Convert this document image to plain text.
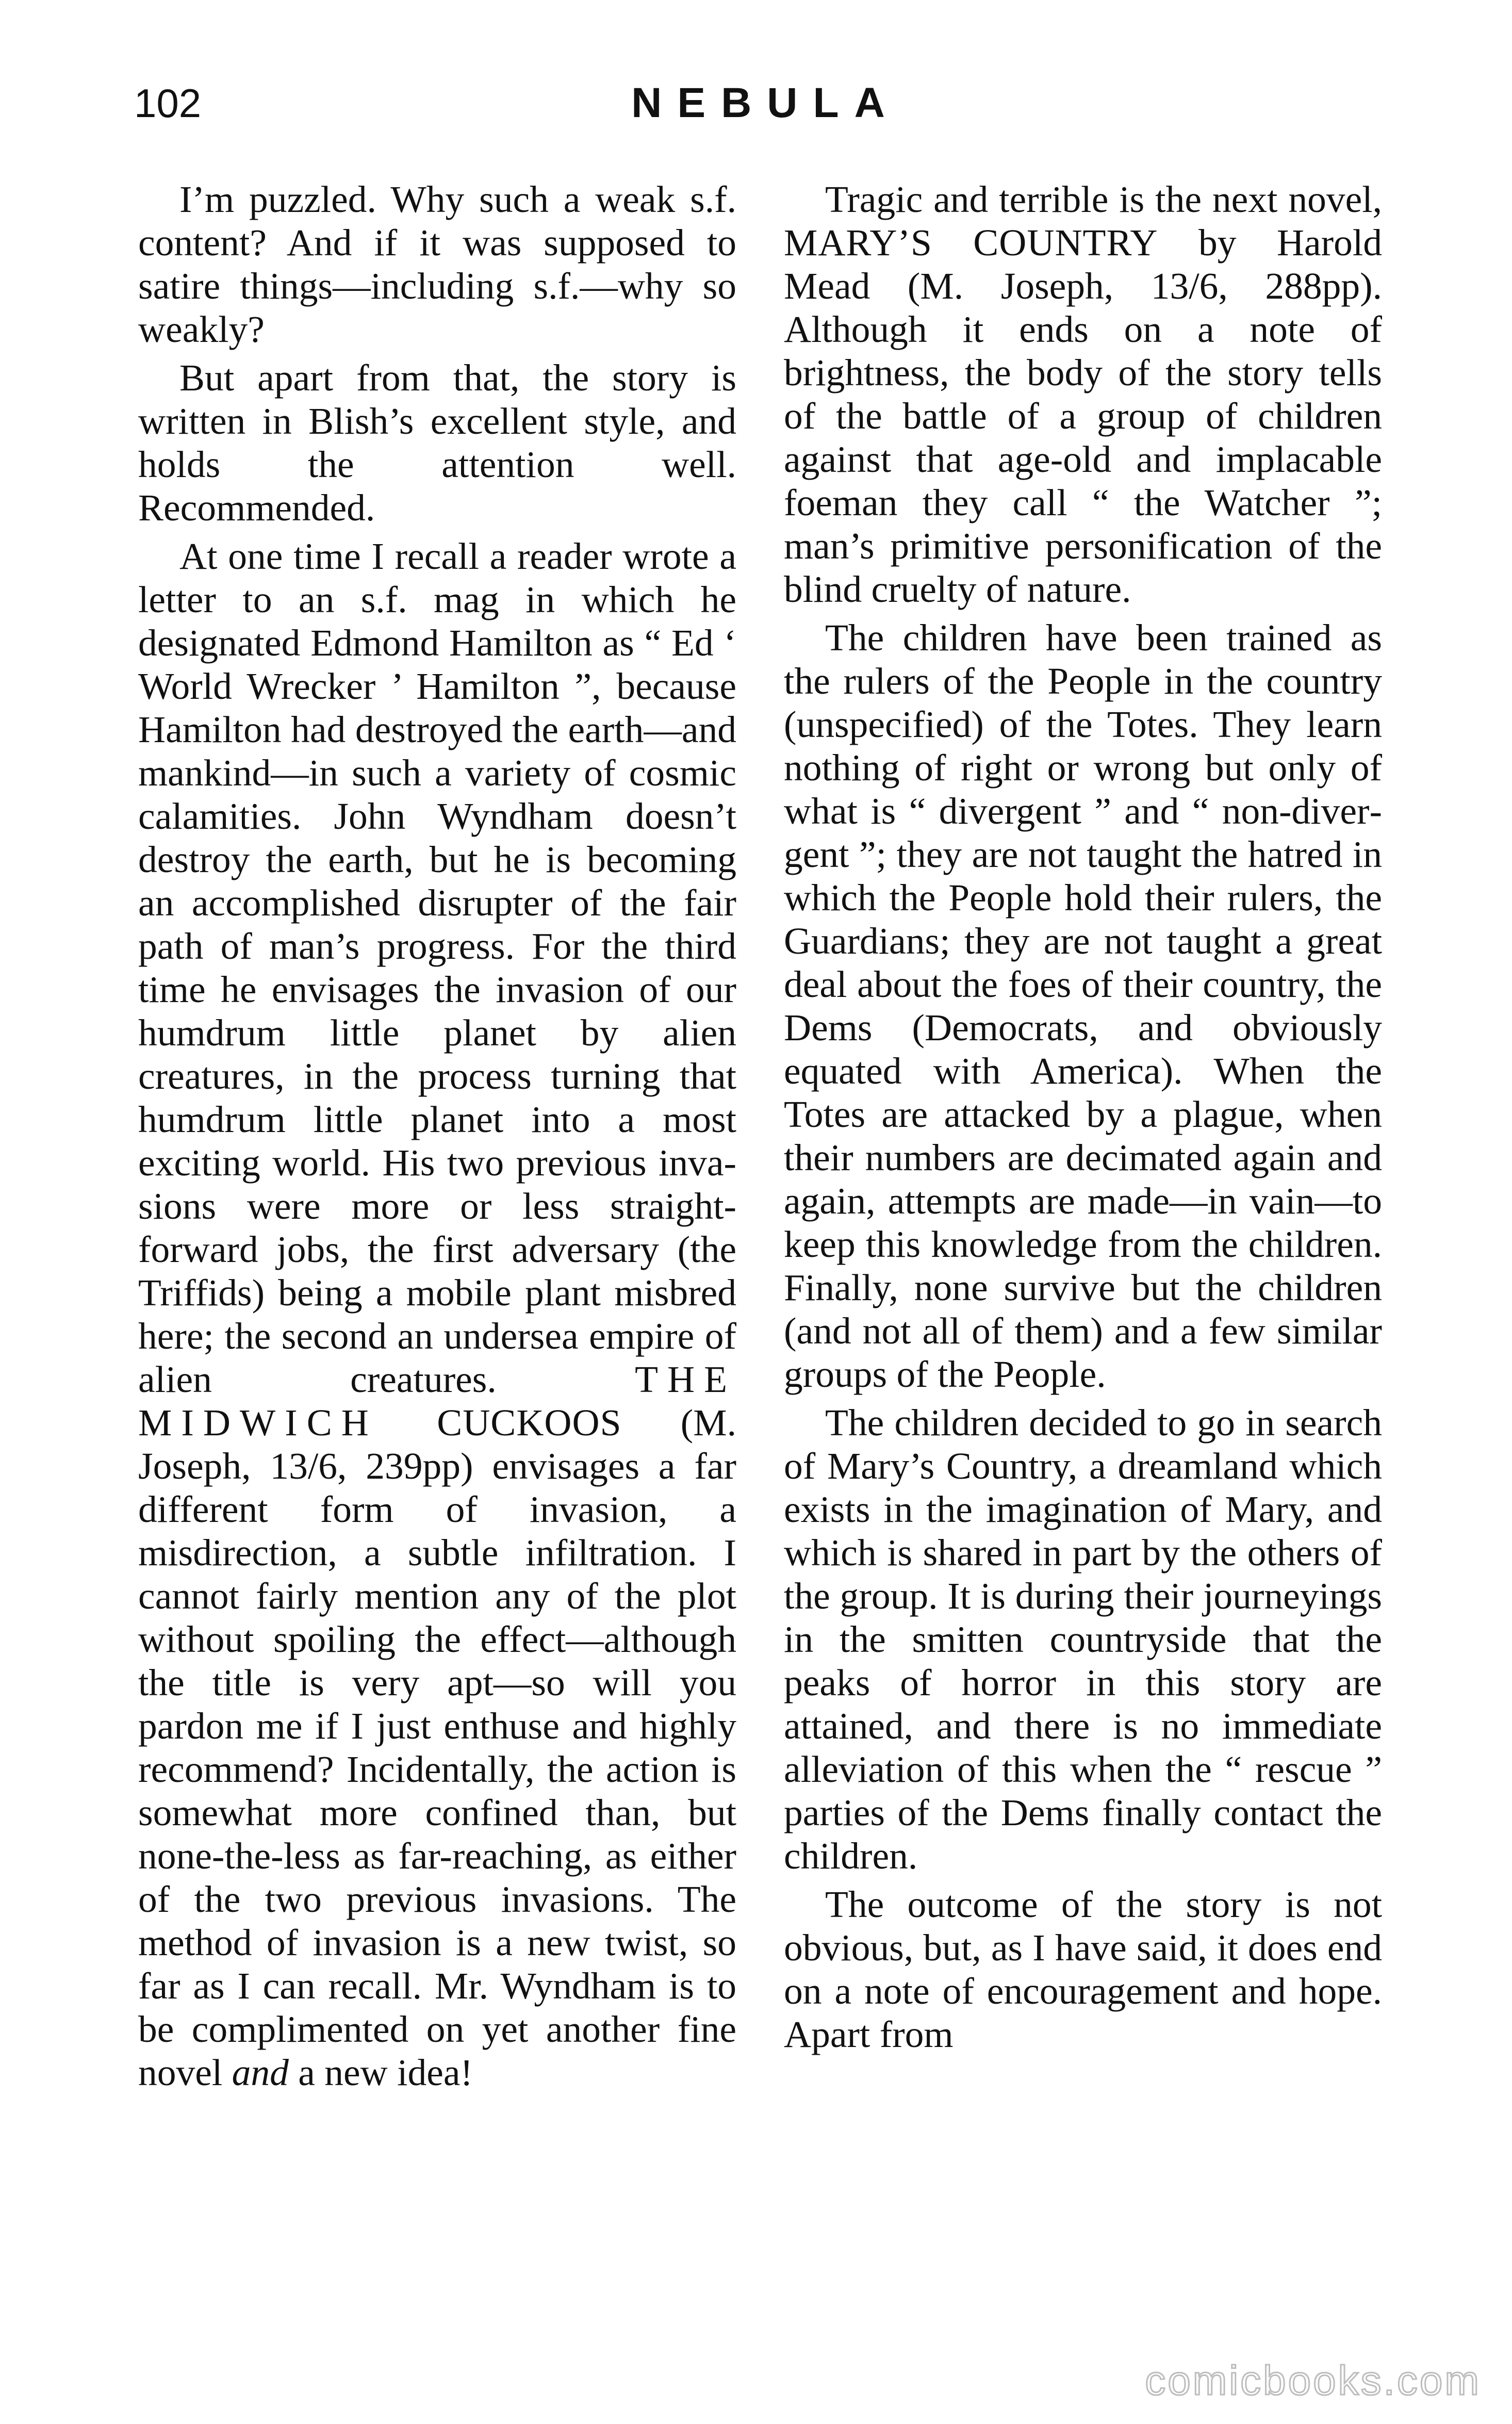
102	NEBULA

I’m puzzled. Why such a weak s.f. content? And if it was supposed to satire things—including s.f.—why so weakly?

But apart from that, the story is written in Blish’s excellent style, and holds the attention well. Recommended.

At one time I recall a reader wrote a letter to an s.f. mag in which he designated Edmond Hamilton as “ Ed ‘ World Wrecker ’ Hamilton ”, because Hamilton had destroyed the earth—and mankind—in such a variety of cosmic calamities. John Wyndham doesn’t destroy the earth, but he is becoming an accomplished disrupter of the fair path of man’s progress. For the third time he envisages the invasion of our humdrum little planet by alien creatures, in the process turning that humdrum little planet into a most exciting world. His two previous invasions were more or less straightforward jobs, the first adversary (the Triffids) being a mobile plant misbred here; the second an undersea empire of alien creatures.	THE MIDWICH CUCKOOS (M. Joseph, 13/6, 239pp) envisages a far different form of invasion, a misdirection, a subtle infiltration. I cannot fairly mention any of the plot without spoiling the effect—although the title is very apt—so will you pardon me if I just enthuse and highly recommend? Incidentally, the action is somewhat more confined than, but none-the-less as far-reaching, as either of the two previous invasions. The method of invasion is a new twist, so far as I can recall. Mr. Wyndham is to be complimented on yet another fine novel and a new idea!

Tragic and terrible is the next novel, MARY’S COUNTRY by Harold Mead (M. Joseph, 13/6, 288pp). Although it ends on a note of brightness, the body of the story tells of the battle of a group of children against that age-old and implacable foeman they call “ the Watcher ”; man’s primitive personification of the blind cruelty of nature.

The children have been trained as the rulers of the People in the country (unspecified) of the Totes. They learn nothing of right or wrong but only of what is “ divergent ” and “ non-divergent ”; they are not taught the hatred in which the People hold their rulers, the Guardians; they are not taught a great deal about the foes of their country, the Dems (Democrats, and obviously equated with America). When the Totes are attacked by a plague, when their numbers are decimated again and again, attempts are made—in vain—to keep this knowledge from the children. Finally, none survive but the children (and not all of them) and a few similar groups of the People.

The children decided to go in search of Mary’s Country, a dreamland which exists in the imagination of Mary, and which is shared in part by the others of the group. It is during their journeyings in the smitten countryside that the peaks of horror in this story are attained, and there is no immediate alleviation of this when the “ rescue ” parties of the Dems finally contact the children.

The outcome of the story is not obvious, but, as I have said, it does end on a note of encouragement and hope. Apart from

comicbooks.com
